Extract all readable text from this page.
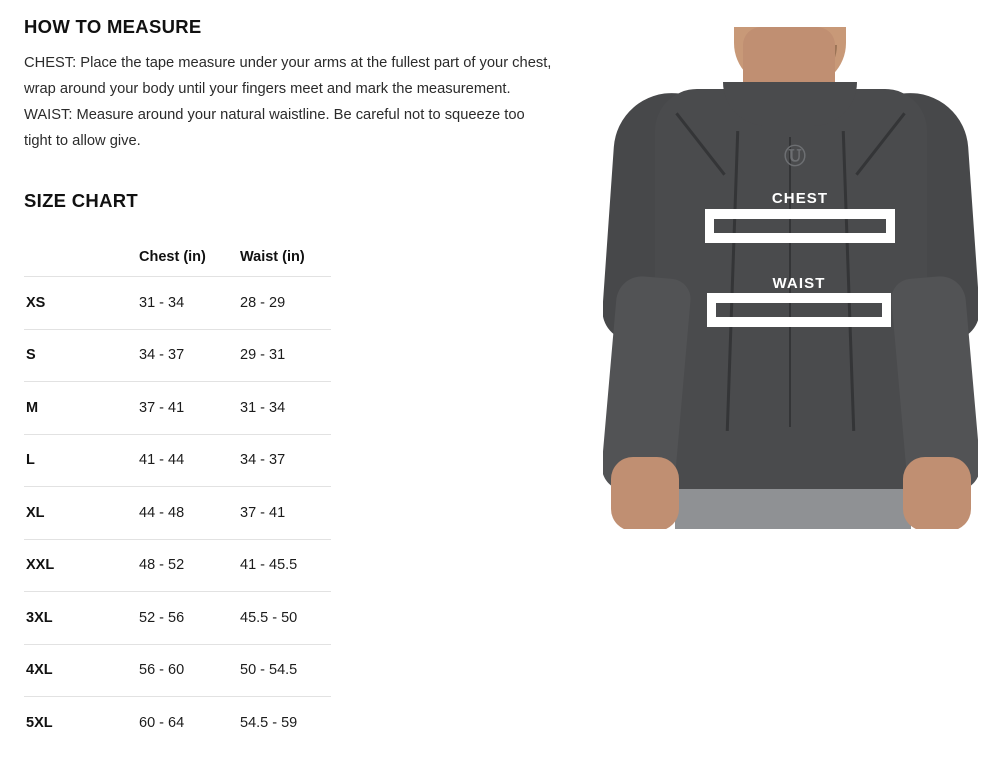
HOW TO MEASURE

CHEST: Place the tape measure under your arms at the fullest part of your chest, wrap around your body until your fingers meet and mark the measurement.

WAIST: Measure around your natural waistline. Be careful not to squeeze too tight to allow give.

SIZE CHART
	Chest (in)	Waist (in)
XS	31 - 34	28 - 29
S	34 - 37	29 - 31
M	37 - 41	31 - 34
L	41 - 44	34 - 37
XL	44 - 48	37 - 41
XXL	48 - 52	41 - 45.5
3XL	52 - 56	45.5 - 50
4XL	56 - 60	50 - 54.5
5XL	60 - 64	54.5 - 59
Ⓤ
CHEST
WAIST
